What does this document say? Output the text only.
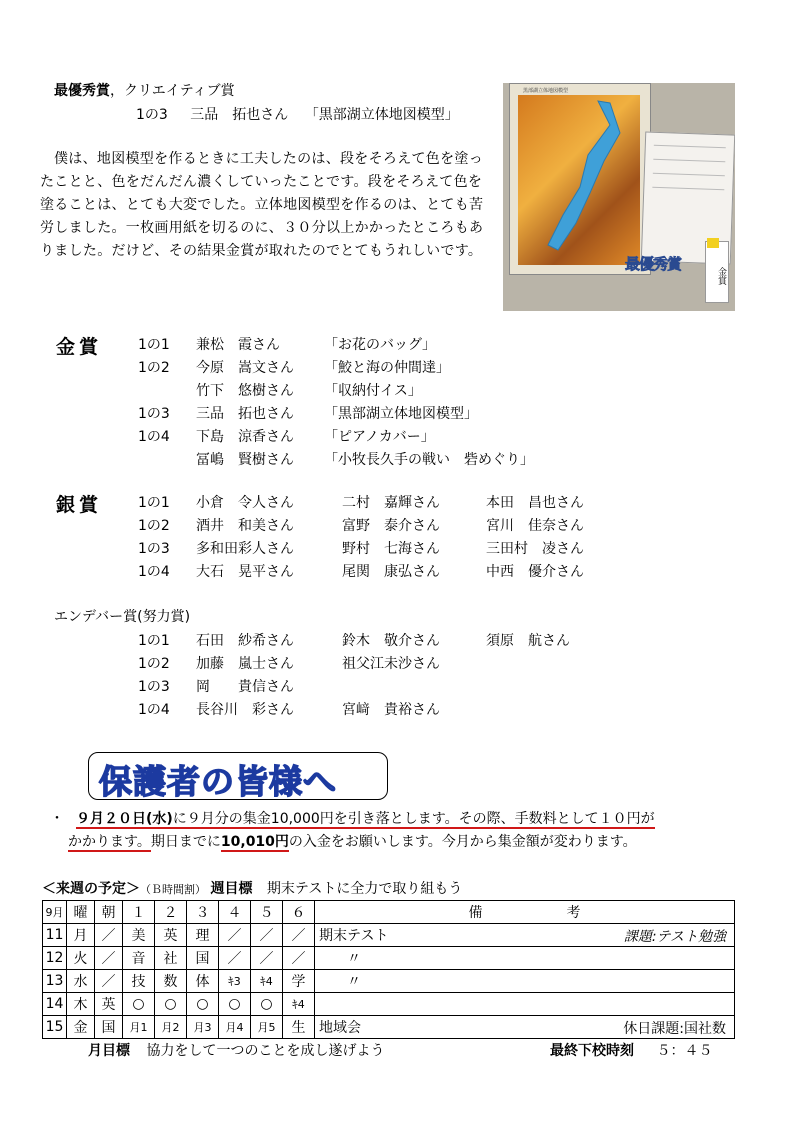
最優秀賞，クリエイティブ賞
1の3 三品　拓也さん 「黒部湖立体地図模型」
僕は、地図模型を作るときに工夫したのは、段をそろえて色を塗ったことと、色をだんだん濃くしていったことです。段をそろえて色を塗ることは、とても大変でした。立体地図模型を作るのは、とても苦労しました。一枚画用紙を切るのに、３０分以上かかったところもありました。だけど、その結果金賞が取れたのでとてもうれしいです。
黒部湖立体地図模型
最優秀賞
金賞
金賞	1の1 兼松　霞さん	「お花のバッグ」
1の2 今原　嵩文さん 「鮫と海の仲間達」
竹下　悠樹さん 「収納付イス」
1の3 三品　拓也さん 「黒部湖立体地図模型」
1の4 下島　涼香さん 「ピアノカバー」
冨嶋　賢樹さん 「小牧長久手の戦い　砦めぐり」
銀賞	1の1 小倉　令人さん	二村　嘉輝さん	本田　昌也さん
1の2 酒井　和美さん	富野　泰介さん	宮川　佳奈さん
1の3 多和田彩人さん	野村　七海さん	三田村　凌さん
1の4 大石　晃平さん	尾関　康弘さん	中西　優介さん
エンデバー賞(努力賞)
1の1 石田　紗希さん	鈴木　敬介さん	須原　航さん
1の2 加藤　嵐士さん	祖父江未沙さん
1の3 岡　　貴信さん
1の4 長谷川　彩さん	宮﨑　貴裕さん
保護者の皆様へ
・ ９月２０日(水)に９月分の集金10,000円を引き落とします。その際、手数料として１０円が
かかります。期日までに10,010円の入金をお願いします。今月から集金額が変わります。
＜来週の予定＞（Ｂ時間割） 週目標 期末テストに全力で取り組もう
9月	曜	朝	１	２	３	４	５	６	備　　　　　　考
11	月	／	美	英	理	／	／	／	期末テスト 課題:テスト勉強

12	火	／	音	社	国	／	／	／	　　〃

13	水	／	技	数	体	ｷ3	ｷ4	学	　　〃

14	木	英	○	○	○	○	○	ｷ4	

15	金	国	月1	月2	月3	月4	月5	生	地域会 休日課題:国社数
月目標 協力をして一つのことを成し遂げよう	最終下校時刻 ５：４５
